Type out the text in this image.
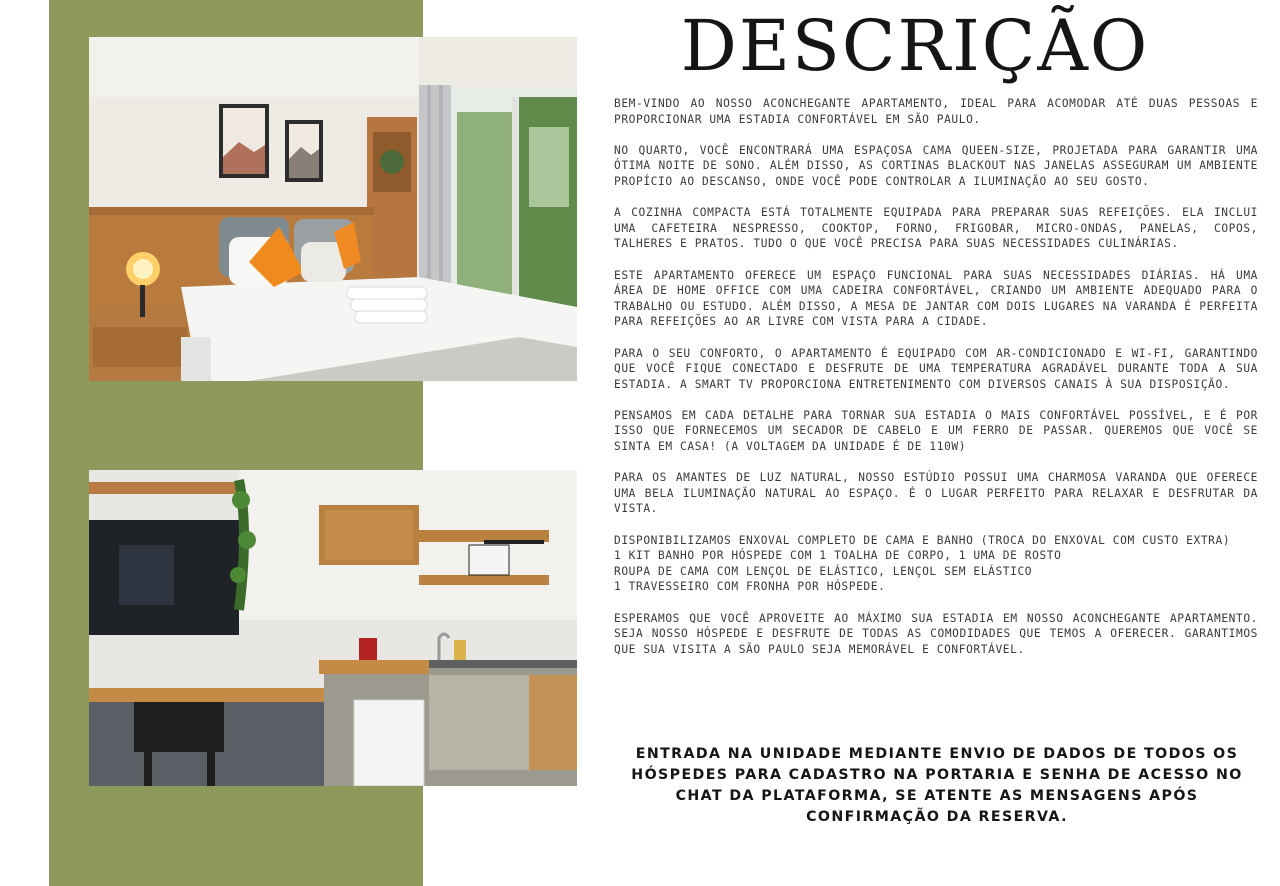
DESCRIÇÃO

BEM-VINDO AO NOSSO ACONCHEGANTE APARTAMENTO, IDEAL PARA ACOMODAR ATÉ DUAS PESSOAS E PROPORCIONAR UMA ESTADIA CONFORTÁVEL EM SÃO PAULO.

NO QUARTO, VOCÊ ENCONTRARÁ UMA ESPAÇOSA CAMA QUEEN-SIZE, PROJETADA PARA GARANTIR UMA ÓTIMA NOITE DE SONO. ALÉM DISSO, AS CORTINAS BLACKOUT NAS JANELAS ASSEGURAM UM AMBIENTE PROPÍCIO AO DESCANSO, ONDE VOCÊ PODE CONTROLAR A ILUMINAÇÃO AO SEU GOSTO.

A COZINHA COMPACTA ESTÁ TOTALMENTE EQUIPADA PARA PREPARAR SUAS REFEIÇÕES. ELA INCLUI UMA CAFETEIRA NESPRESSO, COOKTOP, FORNO, FRIGOBAR, MICRO-ONDAS, PANELAS, COPOS, TALHERES E PRATOS. TUDO O QUE VOCÊ PRECISA PARA SUAS NECESSIDADES CULINÁRIAS.

ESTE APARTAMENTO OFERECE UM ESPAÇO FUNCIONAL PARA SUAS NECESSIDADES DIÁRIAS. HÁ UMA ÁREA DE HOME OFFICE COM UMA CADEIRA CONFORTÁVEL, CRIANDO UM AMBIENTE ADEQUADO PARA O TRABALHO OU ESTUDO. ALÉM DISSO, A MESA DE JANTAR COM DOIS LUGARES NA VARANDA É PERFEITA PARA REFEIÇÕES AO AR LIVRE COM VISTA PARA A CIDADE.

PARA O SEU CONFORTO, O APARTAMENTO É EQUIPADO COM AR-CONDICIONADO E WI-FI, GARANTINDO QUE VOCÊ FIQUE CONECTADO E DESFRUTE DE UMA TEMPERATURA AGRADÁVEL DURANTE TODA A SUA ESTADIA. A SMART TV PROPORCIONA ENTRETENIMENTO COM DIVERSOS CANAIS À SUA DISPOSIÇÃO.

PENSAMOS EM CADA DETALHE PARA TORNAR SUA ESTADIA O MAIS CONFORTÁVEL POSSÍVEL, E É POR ISSO QUE FORNECEMOS UM SECADOR DE CABELO E UM FERRO DE PASSAR. QUEREMOS QUE VOCÊ SE SINTA EM CASA! (A VOLTAGEM DA UNIDADE É DE 110W)

PARA OS AMANTES DE LUZ NATURAL, NOSSO ESTÚDIO POSSUI UMA CHARMOSA VARANDA QUE OFERECE UMA BELA ILUMINAÇÃO NATURAL AO ESPAÇO. É O LUGAR PERFEITO PARA RELAXAR E DESFRUTAR DA VISTA.

DISPONIBILIZAMOS ENXOVAL COMPLETO DE CAMA E BANHO (TROCA DO ENXOVAL COM CUSTO EXTRA)
1 KIT BANHO POR HÓSPEDE COM 1 TOALHA DE CORPO, 1 UMA DE ROSTO
ROUPA DE CAMA COM LENÇOL DE ELÁSTICO, LENÇOL SEM ELÁSTICO
1 TRAVESSEIRO COM FRONHA POR HÓSPEDE.

ESPERAMOS QUE VOCÊ APROVEITE AO MÁXIMO SUA ESTADIA EM NOSSO ACONCHEGANTE APARTAMENTO. SEJA NOSSO HÓSPEDE E DESFRUTE DE TODAS AS COMODIDADES QUE TEMOS A OFERECER. GARANTIMOS QUE SUA VISITA A SÃO PAULO SEJA MEMORÁVEL E CONFORTÁVEL.

ENTRADA NA UNIDADE MEDIANTE ENVIO DE DADOS DE TODOS OS HÓSPEDES PARA CADASTRO NA PORTARIA E SENHA DE ACESSO NO CHAT DA PLATAFORMA, SE ATENTE AS MENSAGENS APÓS CONFIRMAÇÃO DA RESERVA.
